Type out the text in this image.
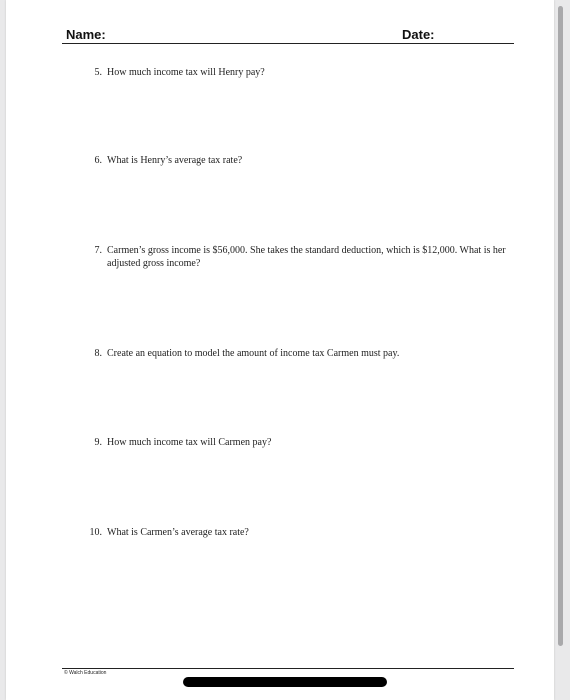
Name:	Date:
5. How much income tax will Henry pay?
6. What is Henry’s average tax rate?
7. Carmen’s gross income is $56,000. She takes the standard deduction, which is $12,000. What is her adjusted gross income?
8. Create an equation to model the amount of income tax Carmen must pay.
9. How much income tax will Carmen pay?
10. What is Carmen’s average tax rate?
© Walch Education
